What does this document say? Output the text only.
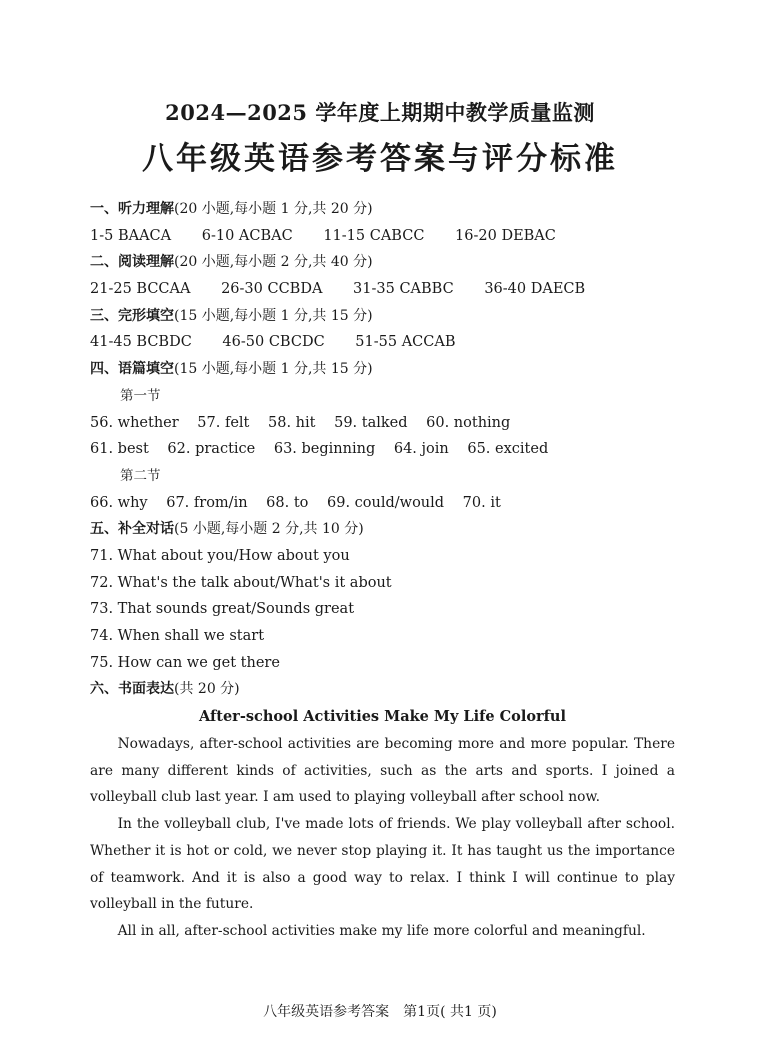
2024—2025 学年度上期期中教学质量监测
八年级英语参考答案与评分标准
一、听力理解(20 小题,每小题 1 分,共 20 分)
1-5 BAACA 6-10 ACBAC 11-15 CABCC 16-20 DEBAC
二、阅读理解(20 小题,每小题 2 分,共 40 分)
21-25 BCCAA 26-30 CCBDA 31-35 CABBC 36-40 DAECB
三、完形填空(15 小题,每小题 1 分,共 15 分)
41-45 BCBDC 46-50 CBCDC 51-55 ACCAB
四、语篇填空(15 小题,每小题 1 分,共 15 分)
第一节
56. whether 57. felt 58. hit 59. talked 60. nothing
61. best 62. practice 63. beginning 64. join 65. excited
第二节
66. why 67. from/in 68. to 69. could/would 70. it
五、补全对话(5 小题,每小题 2 分,共 10 分)
71. What about you/How about you
72. What's the talk about/What's it about
73. That sounds great/Sounds great
74. When shall we start
75. How can we get there
六、书面表达(共 20 分)
After-school Activities Make My Life Colorful

Nowadays, after-school activities are becoming more and more popular. There are many different kinds of activities, such as the arts and sports. I joined a volleyball club last year. I am used to playing volleyball after school now.

In the volleyball club, I've made lots of friends. We play volleyball after school. Whether it is hot or cold, we never stop playing it. It has taught us the importance of teamwork. And it is also a good way to relax. I think I will continue to play volleyball in the future.

All in all, after-school activities make my life more colorful and meaningful.

八年级英语参考答案　第1页( 共1 页)
